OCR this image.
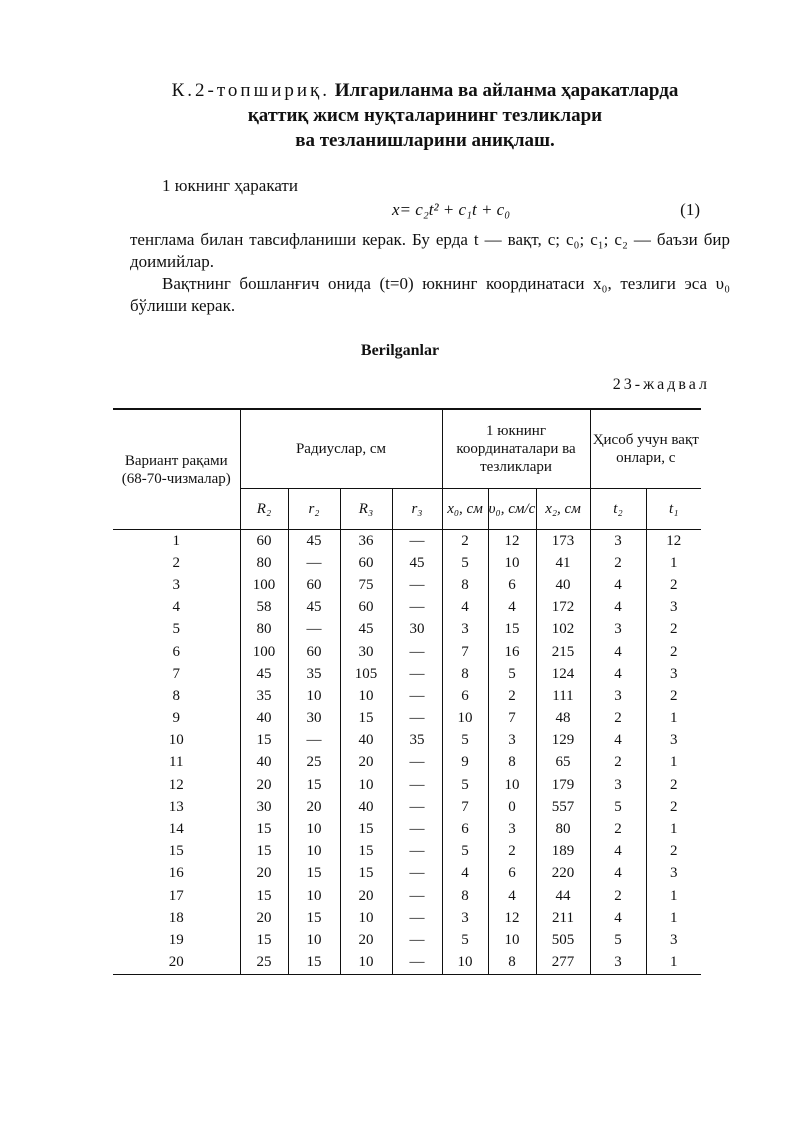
К.2-топшириқ. Илгариланма ва айланма ҳаракатларда
қаттиқ жисм нуқталарининг тезликлари
ва тезланишларини аниқлаш.
1 юкнинг ҳаракати
x= c₂t² + c₁t + c₀	(1)
тенглама билан тавсифланиши керак. Бу ерда t — вақт, c; c₀; c₁; c₂ — баъзи бир доимийлар.
Вақтнинг бошланғич онида (t=0) юкнинг координатаси x₀, тезлиги эса υ₀ бўлиши керак.
Berilganlar
23-жадвал
Вариант рақами (68-70-чизмалар)	Радиуслар, см				1 юкнинг координаталари ва тезликлари			Ҳисоб учун вақт онлари, с	
	R₂	r₂	R₃	r₃	x₀, см	υ₀, см/с	x₂, см	t₂	t₁
1	60	45	36	—	2	12	173	3	12
2	80	—	60	45	5	10	41	2	1
3	100	60	75	—	8	6	40	4	2
4	58	45	60	—	4	4	172	4	3
5	80	—	45	30	3	15	102	3	2
6	100	60	30	—	7	16	215	4	2
7	45	35	105	—	8	5	124	4	3
8	35	10	10	—	6	2	111	3	2
9	40	30	15	—	10	7	48	2	1
10	15	—	40	35	5	3	129	4	3
11	40	25	20	—	9	8	65	2	1
12	20	15	10	—	5	10	179	3	2
13	30	20	40	—	7	0	557	5	2
14	15	10	15	—	6	3	80	2	1
15	15	10	15	—	5	2	189	4	2
16	20	15	15	—	4	6	220	4	3
17	15	10	20	—	8	4	44	2	1
18	20	15	10	—	3	12	211	4	1
19	15	10	20	—	5	10	505	5	3
20	25	15	10	—	10	8	277	3	1
